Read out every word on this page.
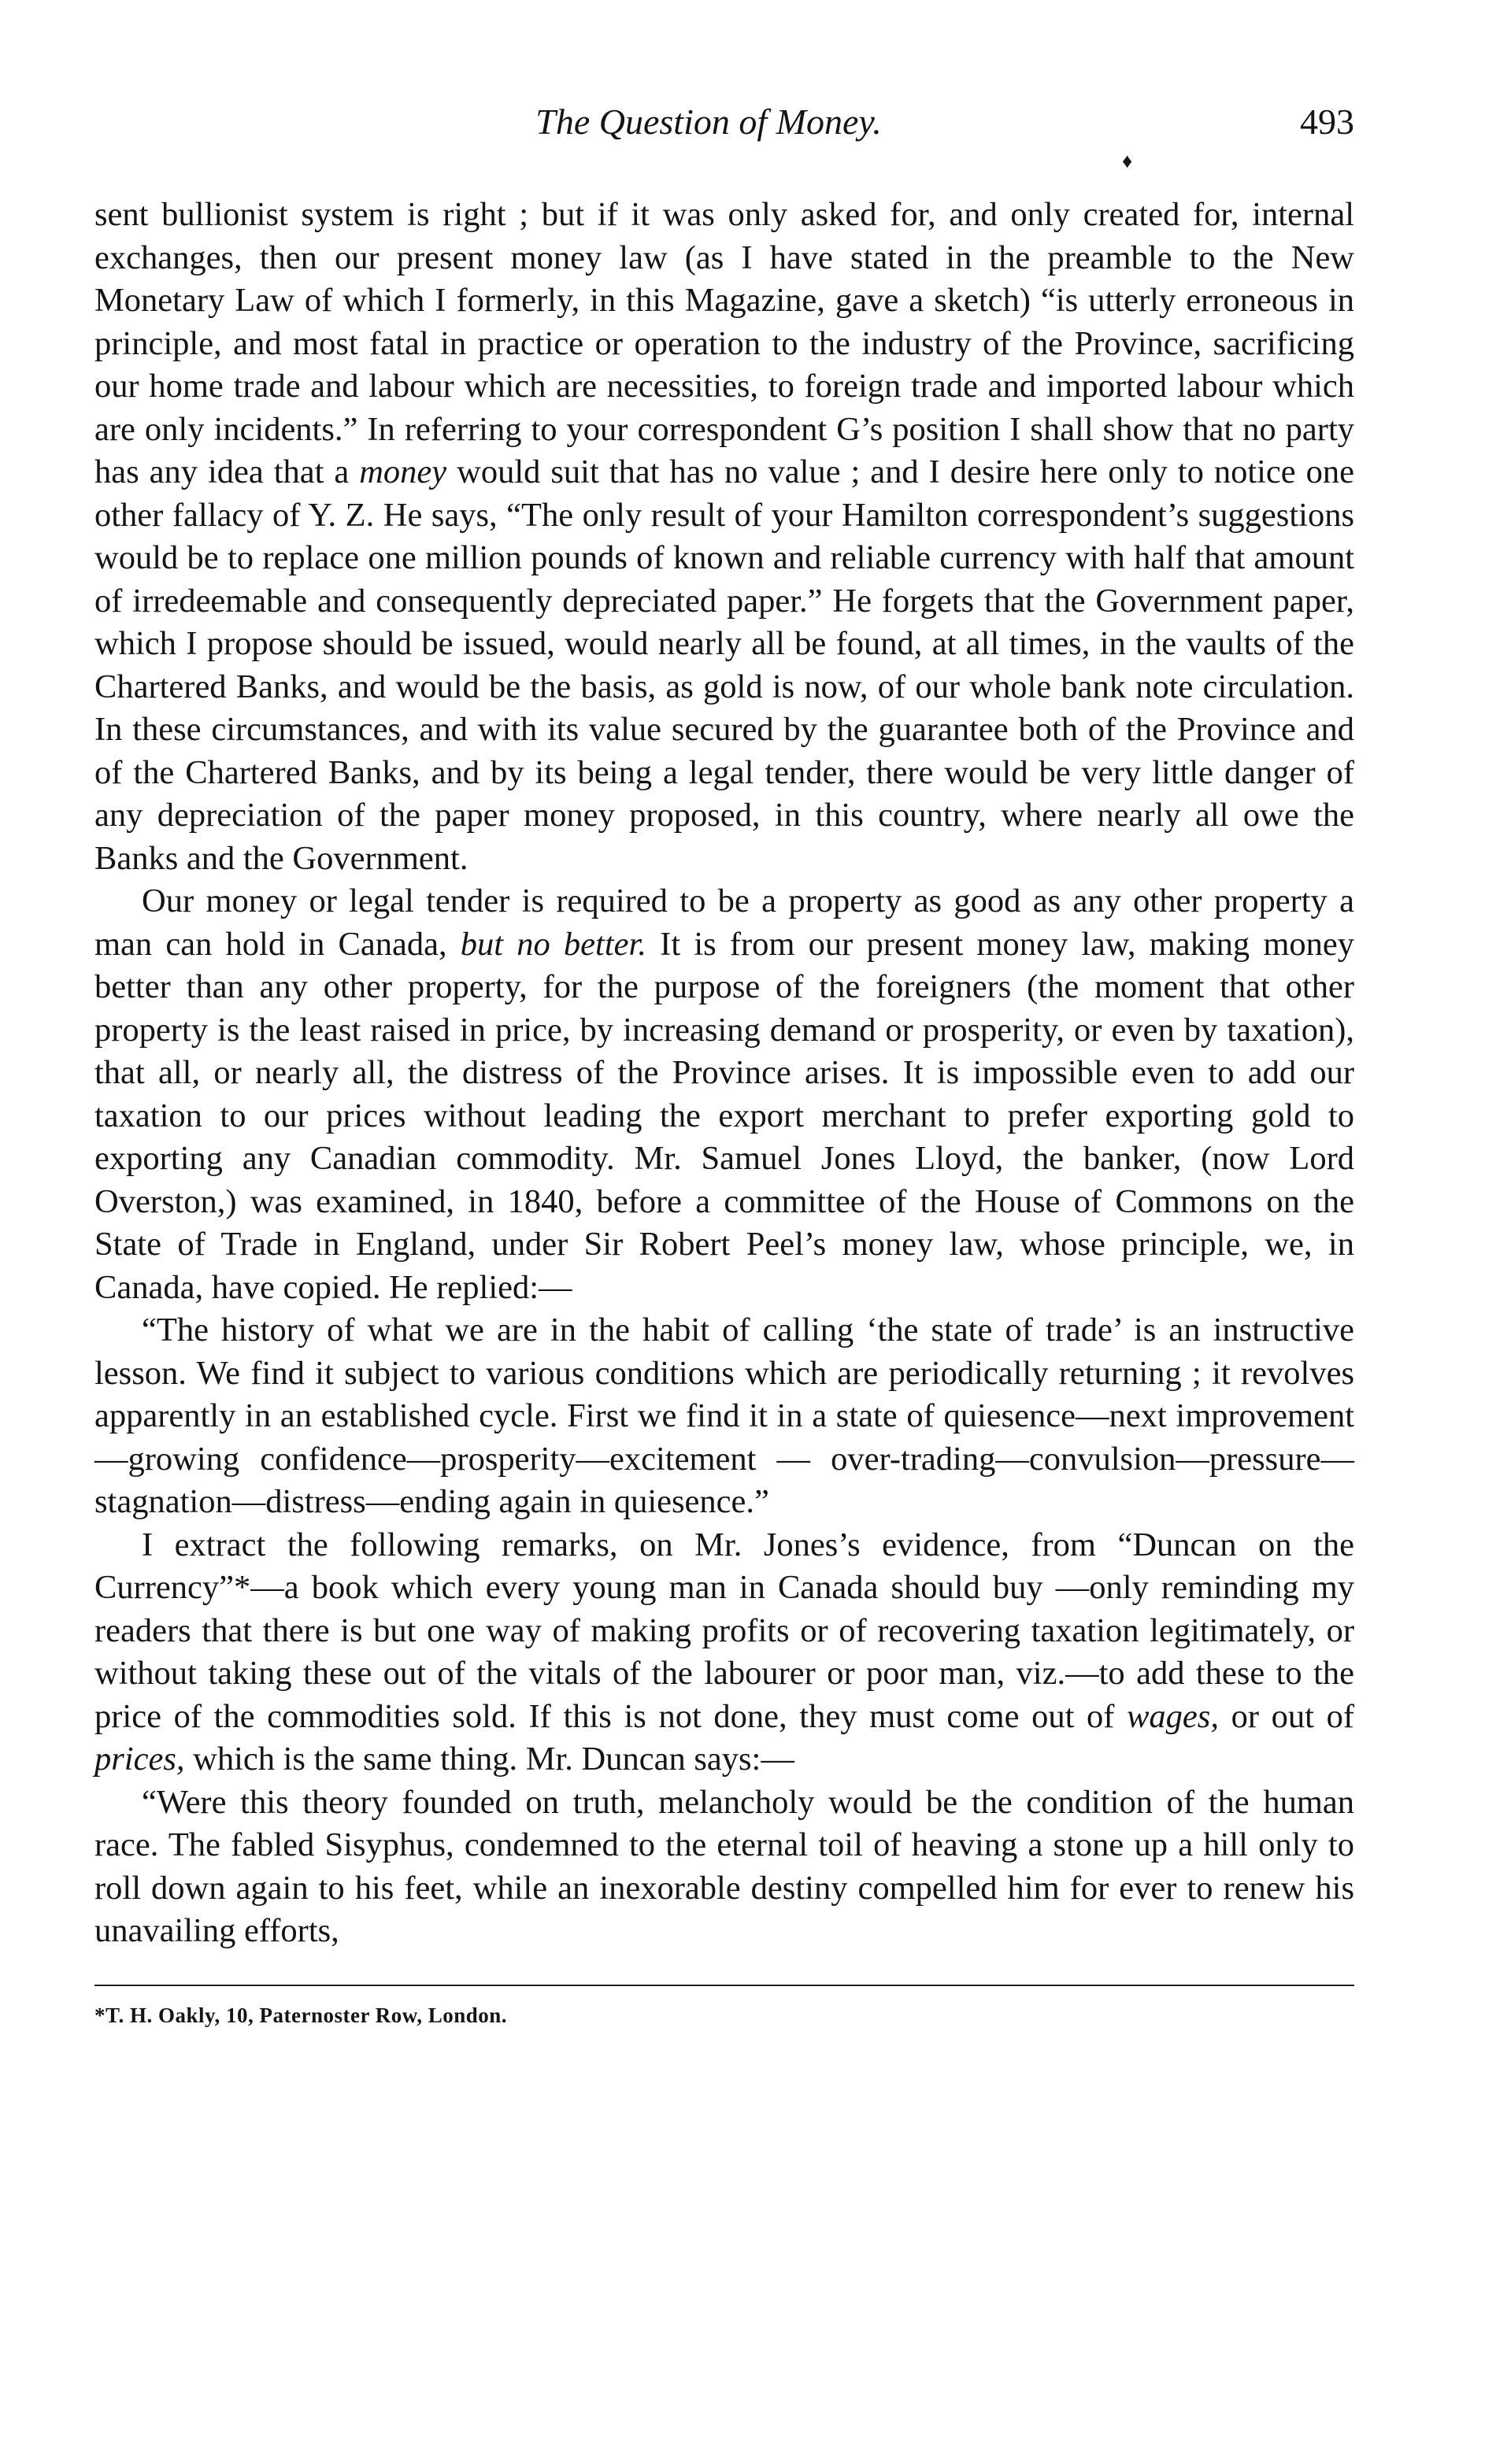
The Question of Money.	493
♦

sent bullionist system is right ; but if it was only asked for, and only created for, internal exchanges, then our present money law (as I have stated in the preamble to the New Monetary Law of which I formerly, in this Magazine, gave a sketch) “is utterly erroneous in principle, and most fatal in practice or operation to the industry of the Province, sacrificing our home trade and labour which are necessities, to foreign trade and imported labour which are only incidents.” In referring to your correspondent G’s position I shall show that no party has any idea that a money would suit that has no value ; and I desire here only to notice one other fallacy of Y. Z. He says, “The only result of your Hamilton correspondent’s suggestions would be to replace one million pounds of known and reliable currency with half that amount of irredeemable and consequently depreciated paper.” He forgets that the Government paper, which I propose should be issued, would nearly all be found, at all times, in the vaults of the Chartered Banks, and would be the basis, as gold is now, of our whole bank note circulation. In these circumstances, and with its value secured by the guarantee both of the Province and of the Chartered Banks, and by its being a legal tender, there would be very little danger of any depreciation of the paper money proposed, in this country, where nearly all owe the Banks and the Government.

Our money or legal tender is required to be a property as good as any other property a man can hold in Canada, but no better. It is from our present money law, making money better than any other property, for the purpose of the foreigners (the moment that other property is the least raised in price, by increasing demand or prosperity, or even by taxation), that all, or nearly all, the distress of the Province arises. It is impossible even to add our taxation to our prices without leading the export merchant to prefer exporting gold to exporting any Canadian commodity. Mr. Samuel Jones Lloyd, the banker, (now Lord Overston,) was examined, in 1840, before a committee of the House of Commons on the State of Trade in England, under Sir Robert Peel’s money law, whose principle, we, in Canada, have copied. He replied:—

“The history of what we are in the habit of calling ‘the state of trade’ is an instructive lesson. We find it subject to various conditions which are periodically returning ; it revolves apparently in an established cycle. First we find it in a state of quiesence—next improvement—growing confidence—prosperity—excitement — over-trading—convulsion—pressure—stagnation—distress—ending again in quiesence.”

I extract the following remarks, on Mr. Jones’s evidence, from “Duncan on the Currency”*—a book which every young man in Canada should buy —only reminding my readers that there is but one way of making profits or of recovering taxation legitimately, or without taking these out of the vitals of the labourer or poor man, viz.—to add these to the price of the commodities sold. If this is not done, they must come out of wages, or out of prices, which is the same thing. Mr. Duncan says:—

“Were this theory founded on truth, melancholy would be the condition of the human race. The fabled Sisyphus, condemned to the eternal toil of heaving a stone up a hill only to roll down again to his feet, while an inexorable destiny compelled him for ever to renew his unavailing efforts,

*T. H. Oakly, 10, Paternoster Row, London.
